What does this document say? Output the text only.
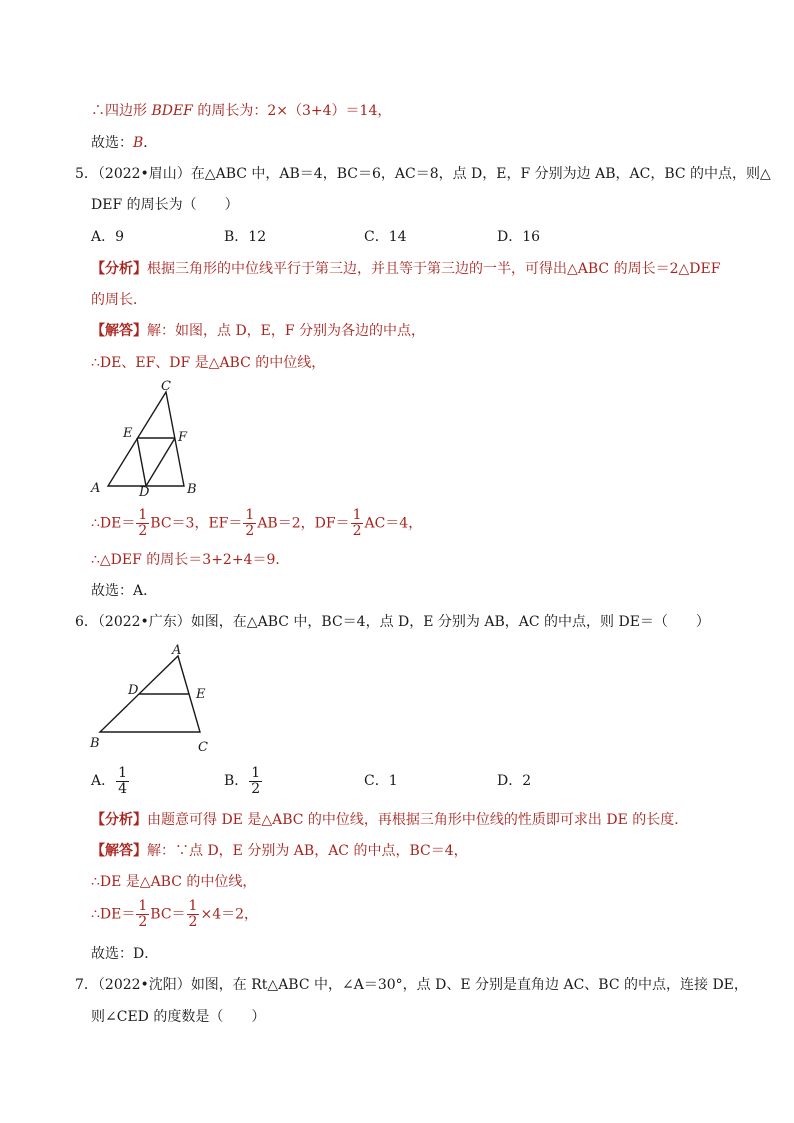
∴四边形 BDEF 的周长为：2×（3+4）＝14，
故选：B．
5．（2022•眉山）在△ABC 中，AB＝4，BC＝6，AC＝8，点 D，E，F 分别为边 AB，AC，BC 的中点，则△
DEF 的周长为（　　）
A．9	B．12	C．14	D．16
【分析】根据三角形的中位线平行于第三边，并且等于第三边的一半，可得出△ABC 的周长＝2△DEF
的周长．
【解答】解：如图，点 D，E，F 分别为各边的中点，
∴DE、EF、DF 是△ABC 的中位线，
C
E	F
A	D	B
∴DE＝ $\frac{1}{2} BC=3$，$EF= \frac{1}{2} AB=2$，$DF= \frac{1}{2} AC=4$，
∴△DEF 的周长＝3+2+4＝9．
故选：A．
6．（2022•广东）如图，在△ABC 中，BC＝4，点 D，E 分别为 AB，AC 的中点，则 DE＝（　　）
A
D	E
B	C
A． $\frac{1}{4}$	B． $\frac{1}{2}$	C．1	D．2
【分析】由题意可得 DE 是△ABC 的中位线，再根据三角形中位线的性质即可求出 DE 的长度．
【解答】解：∵点 D，E 分别为 AB，AC 的中点，BC＝4，
∴DE 是△ABC 的中位线，
∴DE＝ $\frac{1}{2} BC= \frac{1}{2} \times 4=2$，
故选：D．
7．（2022•沈阳）如图，在 Rt△ABC 中，∠A＝30°，点 D、E 分别是直角边 AC、BC 的中点，连接 DE，
则∠CED 的度数是（　　）
